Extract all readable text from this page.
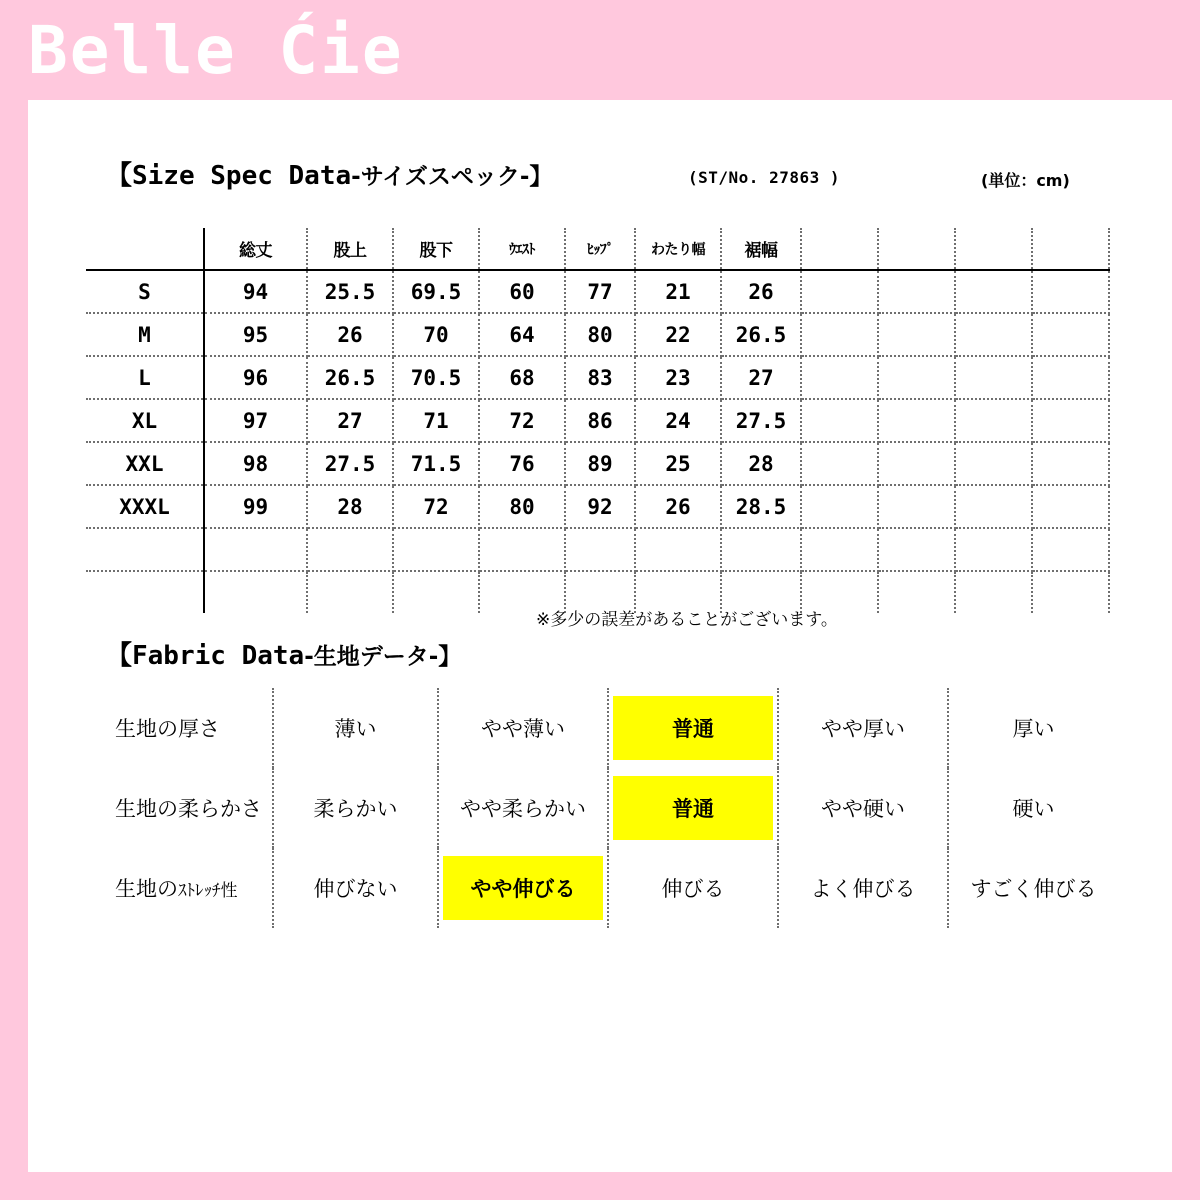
Belle Ćie
【Size Spec Data-サイズスペック-】	(ST/No. 27863 )	(単位：cm)
	総丈	股上	股下	ｳｴｽﾄ	ﾋｯﾌﾟ	わたり幅	裾幅				
S	94	25.5	69.5	60	77	21	26				
M	95	26	70	64	80	22	26.5				
L	96	26.5	70.5	68	83	23	27				
XL	97	27	71	72	86	24	27.5				
XXL	98	27.5	71.5	76	89	25	28				
XXXL	99	28	72	80	92	26	28.5				

※多少の誤差があることがございます。
【Fabric Data-生地データ-】
生地の厚さ	薄い	やや薄い	普通	やや厚い	厚い
生地の柔らかさ	柔らかい	やや柔らかい	普通	やや硬い	硬い
生地のｽﾄﾚｯﾁ性	伸びない	やや伸びる	伸びる	よく伸びる	すごく伸びる
